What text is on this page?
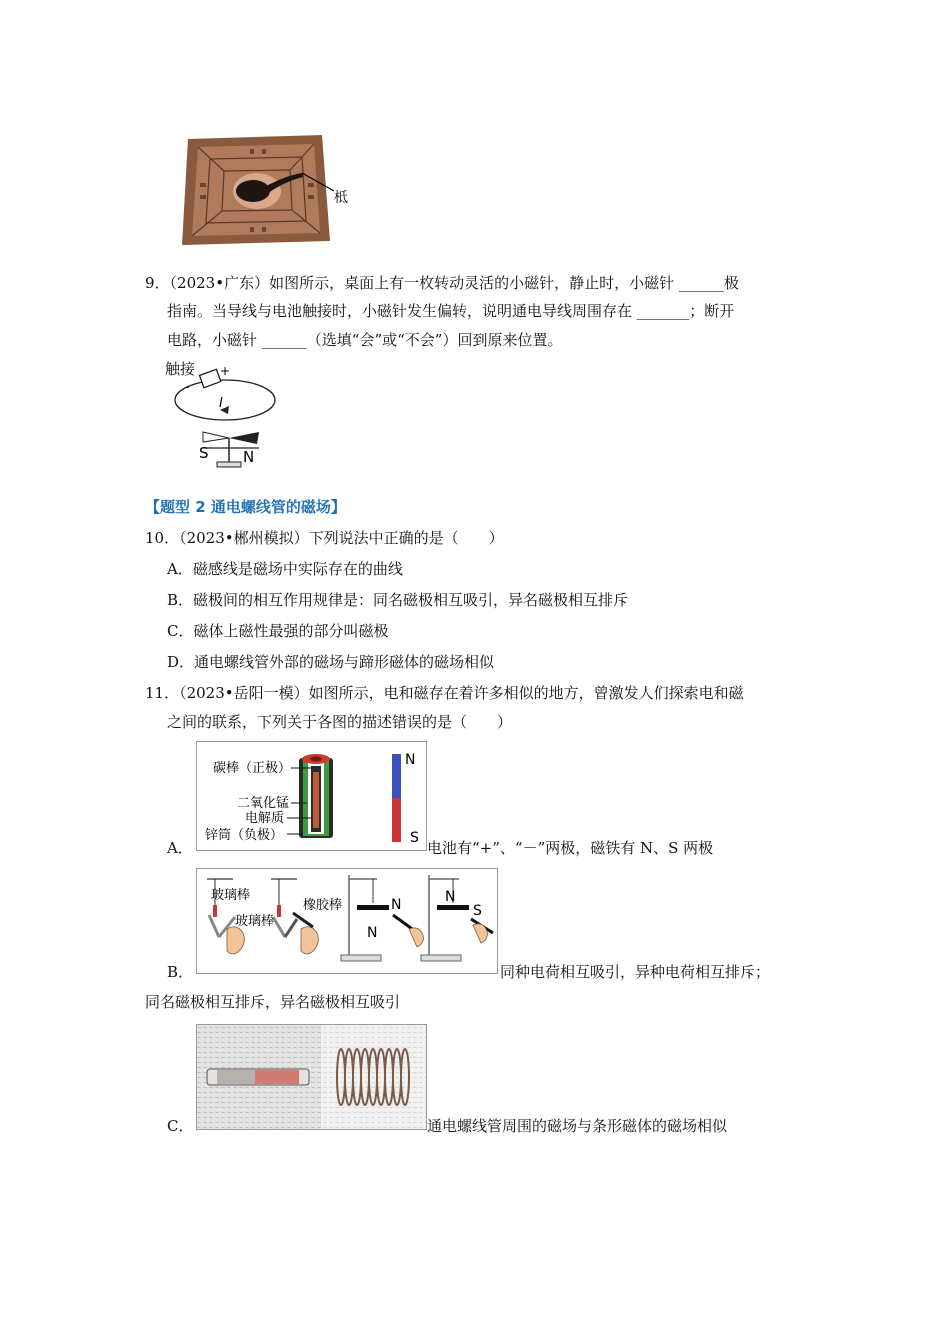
柢
9．（2023•广东）如图所示，桌面上有一枚转动灵活的小磁针，静止时，小磁针 ______极
指南。当导线与电池触接时，小磁针发生偏转，说明通电导线周围存在 _______；断开
电路，小磁针 ______（选填“会”或“不会”）回到原来位置。
I
-
+
S N
触接
【题型 2 通电螺线管的磁场】
10．（2023•郴州模拟）下列说法中正确的是（　　）
A．磁感线是磁场中实际存在的曲线
B．磁极间的相互作用规律是：同名磁极相互吸引，异名磁极相互排斥
C．磁体上磁性最强的部分叫磁极
D．通电螺线管外部的磁场与蹄形磁体的磁场相似
11．（2023•岳阳一模）如图所示，电和磁存在着许多相似的地方，曾激发人们探索电和磁
之间的联系，下列关于各图的描述错误的是（　　）
A．
碳棒（正极）
二氧化锰
电解质
锌筒（负极）
N
S
电池有“+”、“－”两极，磁铁有 N、S 两极
B．
玻璃棒
玻璃棒
橡胶棒	N
N
N
S
同种电荷相互吸引，异种电荷相互排斥；
同名磁极相互排斥，异名磁极相互吸引
C．	通电螺线管周围的磁场与条形磁体的磁场相似
